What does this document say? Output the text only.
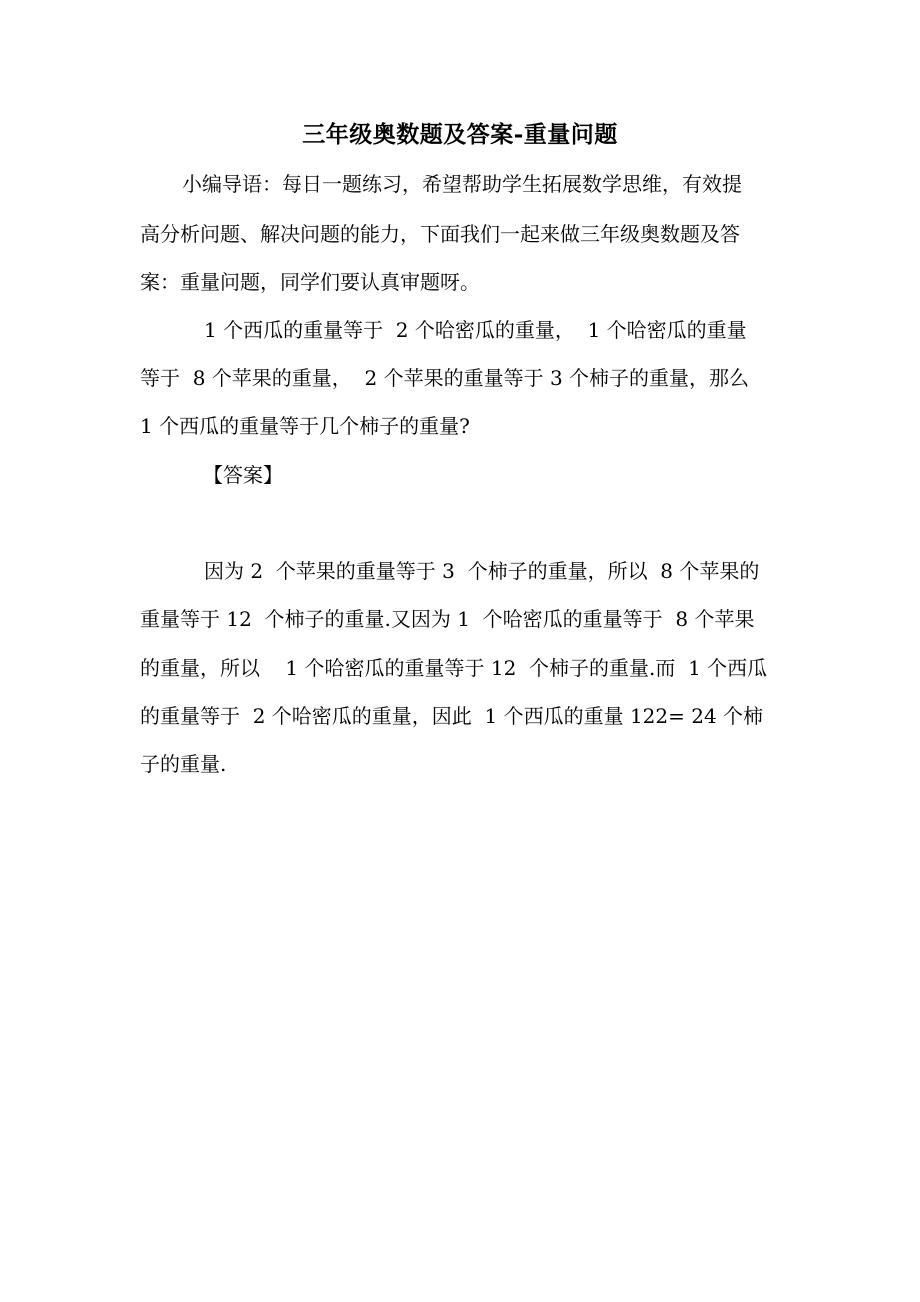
三年级奥数题及答案-重量问题
小编导语：每日一题练习，希望帮助学生拓展数学思维，有效提
高分析问题、解决问题的能力，下面我们一起来做三年级奥数题及答
案：重量问题，同学们要认真审题呀。
1 个西瓜的重量等于  2 个哈密瓜的重量，  1 个哈密瓜的重量
等于  8 个苹果的重量，  2 个苹果的重量等于 3 个柿子的重量，那么
1 个西瓜的重量等于几个柿子的重量?
【答案】
因为 2  个苹果的重量等于 3  个柿子的重量，所以  8 个苹果的
重量等于 12  个柿子的重量.又因为 1  个哈密瓜的重量等于  8 个苹果
的重量，所以    1 个哈密瓜的重量等于 12  个柿子的重量.而  1 个西瓜
的重量等于  2 个哈密瓜的重量，因此  1 个西瓜的重量 122= 24 个柿
子的重量.
